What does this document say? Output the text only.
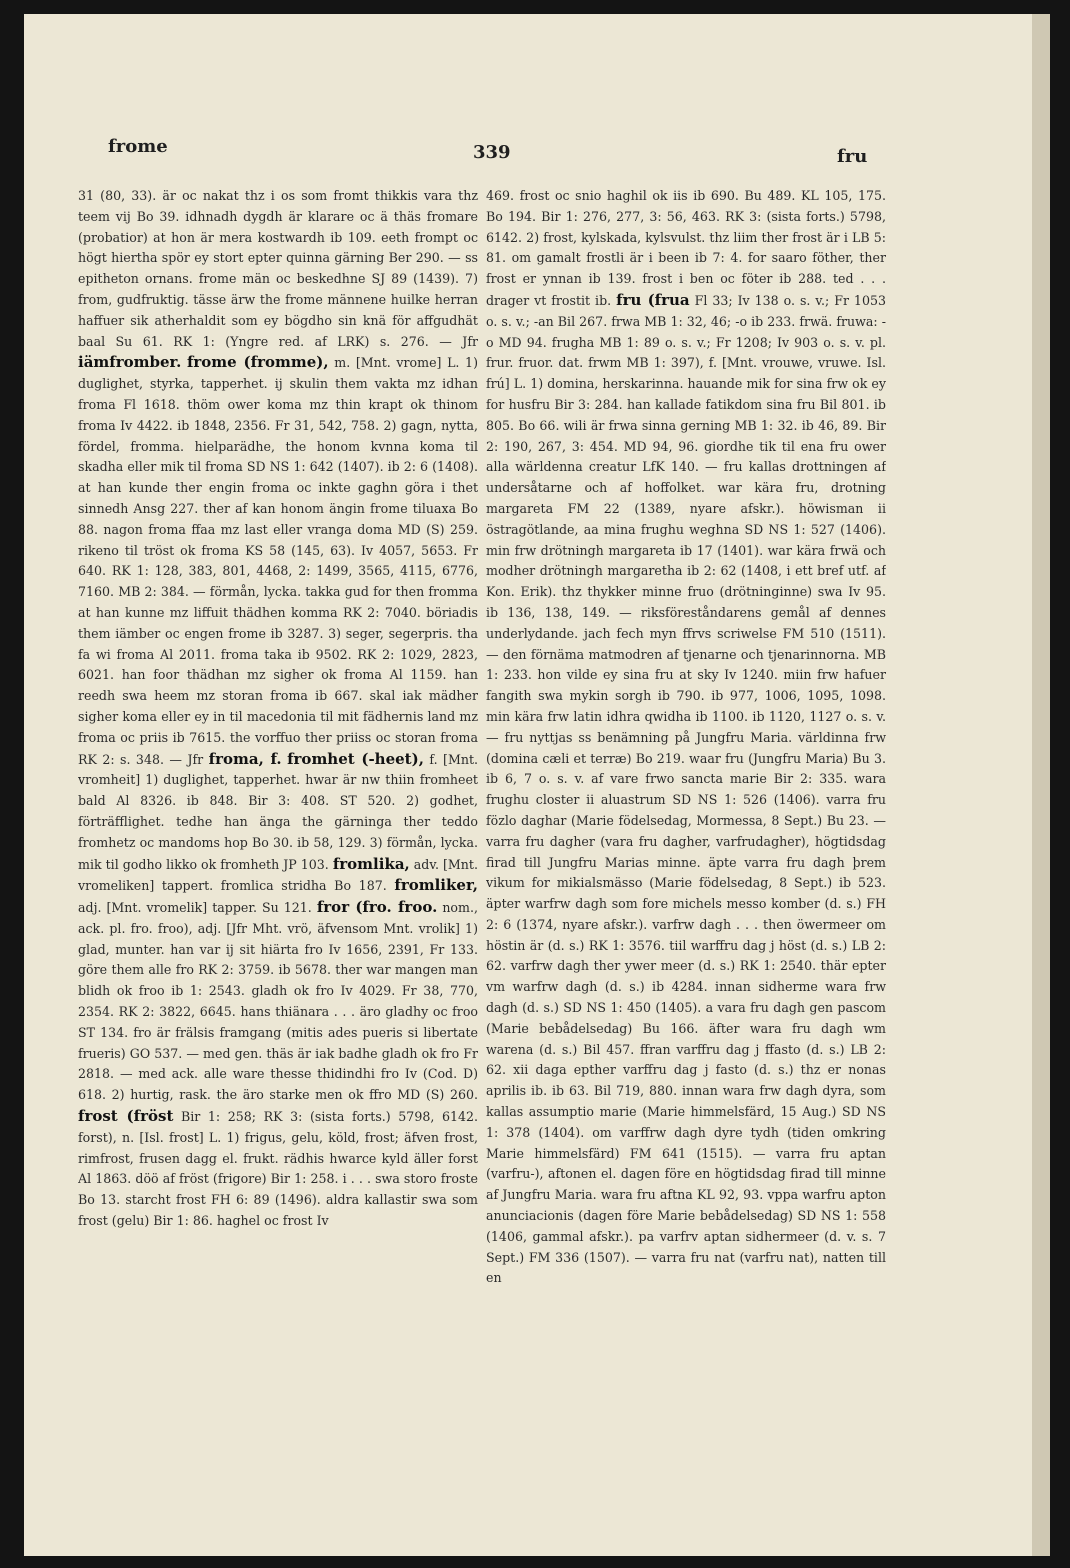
frome	339	fru

31 (80, 33). är oc nakat thz i os som fromt thikkis vara thz teem vij Bo 39. idhnadh dygdh är klarare oc ä thäs fromare (probatior) at hon är mera kostwardh ib 109. eeth frompt oc högt hiertha spör ey stort epter quinna gärning Ber 290. — ss epitheton ornans. frome män oc beskedhne SJ 89 (1439). 7) from, gudfruktig. tässe ärw the frome männene huilke herran haffuer sik atherhaldit som ey bögdho sin knä för affgudhät baal Su 61. RK 1: (Yngre red. af LRK) s. 276. — Jfr iämfromber. frome (fromme), m. [Mnt. vrome] L. 1) duglighet, styrka, tapperhet. ij skulin them vakta mz idhan froma Fl 1618. thöm ower koma mz thin krapt ok thinom froma Iv 4422. ib 1848, 2356. Fr 31, 542, 758. 2) gagn, nytta, fördel, fromma. hielparädhe, the honom kvnna koma til skadha eller mik til froma SD NS 1: 642 (1407). ib 2: 6 (1408). at han kunde ther engin froma oc inkte gaghn göra i thet sinnedh Ansg 227. ther af kan honom ängin frome tiluaxa Bo 88. nagon froma ffaa mz last eller vranga doma MD (S) 259. rikeno til tröst ok froma KS 58 (145, 63). Iv 4057, 5653. Fr 640. RK 1: 128, 383, 801, 4468, 2: 1499, 3565, 4115, 6776, 7160. MB 2: 384. — förmån, lycka. takka gud for then fromma at han kunne mz liffuit thädhen komma RK 2: 7040. böriadis them iämber oc engen frome ib 3287. 3) seger, segerpris. tha fa wi froma Al 2011. froma taka ib 9502. RK 2: 1029, 2823, 6021. han foor thädhan mz sigher ok froma Al 1159. han reedh swa heem mz storan froma ib 667. skal iak mädher sigher koma eller ey in til macedonia til mit fädhernis land mz froma oc priis ib 7615. the vorffuo ther priiss oc storan froma RK 2: s. 348. — Jfr froma, f. fromhet (-heet), f. [Mnt. vromheit] 1) duglighet, tapperhet. hwar är nw thiin fromheet bald Al 8326. ib 848. Bir 3: 408. ST 520. 2) godhet, förträfflighet. tedhe han änga the gärninga ther teddo fromhetz oc mandoms hop Bo 30. ib 58, 129. 3) förmån, lycka. mik til godho likko ok fromheth JP 103. fromlika, adv. [Mnt. vromeliken] tappert. fromlica stridha Bo 187. fromliker, adj. [Mnt. vromelik] tapper. Su 121. fror (fro. froo. nom., ack. pl. fro. froo), adj. [Jfr Mht. vrö, äfvensom Mnt. vrolik] 1) glad, munter. han var ij sit hiärta fro Iv 1656, 2391, Fr 133. göre them alle fro RK 2: 3759. ib 5678. ther war mangen man blidh ok froo ib 1: 2543. gladh ok fro Iv 4029. Fr 38, 770, 2354. RK 2: 3822, 6645. hans thiänara . . . äro gladhy oc froo ST 134. fro är frälsis framgang (mitis ades pueris si libertate frueris) GO 537. — med gen. thäs är iak badhe gladh ok fro Fr 2818. — med ack. alle ware thesse thidindhi fro Iv (Cod. D) 618. 2) hurtig, rask. the äro starke men ok ffro MD (S) 260. frost (fröst Bir 1: 258; RK 3: (sista forts.) 5798, 6142. forst), n. [Isl. frost] L. 1) frigus, gelu, köld, frost; äfven frost, rimfrost, frusen dagg el. frukt. rädhis hwarce kyld äller forst Al 1863. döö af fröst (frigore) Bir 1: 258. i . . . swa storo froste Bo 13. starcht frost FH 6: 89 (1496). aldra kallastir swa som frost (gelu) Bir 1: 86. haghel oc frost Iv

469. frost oc snio haghil ok iis ib 690. Bu 489. KL 105, 175. Bo 194. Bir 1: 276, 277, 3: 56, 463. RK 3: (sista forts.) 5798, 6142. 2) frost, kylskada, kylsvulst. thz liim ther frost är i LB 5: 81. om gamalt frostli är i been ib 7: 4. for saaro föther, ther frost er ynnan ib 139. frost i ben oc föter ib 288. ted . . . drager vt frostit ib. fru (frua Fl 33; Iv 138 o. s. v.; Fr 1053 o. s. v.; -an Bil 267. frwa MB 1: 32, 46; -o ib 233. frwä. fruwa: -o MD 94. frugha MB 1: 89 o. s. v.; Fr 1208; Iv 903 o. s. v. pl. frur. fruor. dat. frwm MB 1: 397), f. [Mnt. vrouwe, vruwe. Isl. frú] L. 1) domina, herskarinna. hauande mik for sina frw ok ey for husfru Bir 3: 284. han kallade fatikdom sina fru Bil 801. ib 805. Bo 66. wili är frwa sinna gerning MB 1: 32. ib 46, 89. Bir 2: 190, 267, 3: 454. MD 94, 96. giordhe tik til ena fru ower alla wärldenna creatur LfK 140. — fru kallas drottningen af undersåtarne och af hoffolket. war kära fru, drotning margareta FM 22 (1389, nyare afskr.). höwisman ii östragötlande, aa mina frughu weghna SD NS 1: 527 (1406). min frw drötningh margareta ib 17 (1401). war kära frwä och modher drötningh margaretha ib 2: 62 (1408, i ett bref utf. af Kon. Erik). thz thykker minne fruo (drötninginne) swa Iv 95. ib 136, 138, 149. — riksföreståndarens gemål af dennes underlydande. jach fech myn ffrvs scriwelse FM 510 (1511). — den förnäma matmodren af tjenarne och tjenarinnorna. MB 1: 233. hon vilde ey sina fru at sky Iv 1240. miin frw hafuer fangith swa mykin sorgh ib 790. ib 977, 1006, 1095, 1098. min kära frw latin idhra qwidha ib 1100. ib 1120, 1127 o. s. v. — fru nyttjas ss benämning på Jungfru Maria. världinna frw (domina cæli et terræ) Bo 219. waar fru (Jungfru Maria) Bu 3. ib 6, 7 o. s. v. af vare frwo sancta marie Bir 2: 335. wara frughu closter ii aluastrum SD NS 1: 526 (1406). varra fru fözlo daghar (Marie födelsedag, Mormessa, 8 Sept.) Bu 23. — varra fru dagher (vara fru dagher, varfrudagher), högtidsdag firad till Jungfru Marias minne. äpte varra fru dagh þrem vikum for mikialsmässo (Marie födelsedag, 8 Sept.) ib 523. äpter warfrw dagh som fore michels messo komber (d. s.) FH 2: 6 (1374, nyare afskr.). varfrw dagh . . . then öwermeer om höstin är (d. s.) RK 1: 3576. tiil warffru dag j höst (d. s.) LB 2: 62. varfrw dagh ther ywer meer (d. s.) RK 1: 2540. thär epter vm warfrw dagh (d. s.) ib 4284. innan sidherme wara frw dagh (d. s.) SD NS 1: 450 (1405). a vara fru dagh gen pascom (Marie bebådelsedag) Bu 166. äfter wara fru dagh wm warena (d. s.) Bil 457. ffran varffru dag j ffasto (d. s.) LB 2: 62. xii daga epther varffru dag j fasto (d. s.) thz er nonas aprilis ib. ib 63. Bil 719, 880. innan wara frw dagh dyra, som kallas assumptio marie (Marie himmelsfärd, 15 Aug.) SD NS 1: 378 (1404). om varffrw dagh dyre tydh (tiden omkring Marie himmelsfärd) FM 641 (1515). — varra fru aptan (varfru-), aftonen el. dagen före en högtidsdag firad till minne af Jungfru Maria. wara fru aftna KL 92, 93. vppa warfru apton anunciacionis (dagen före Marie bebådelsedag) SD NS 1: 558 (1406, gammal afskr.). pa varfrv aptan sidhermeer (d. v. s. 7 Sept.) FM 336 (1507). — varra fru nat (varfru nat), natten till en
